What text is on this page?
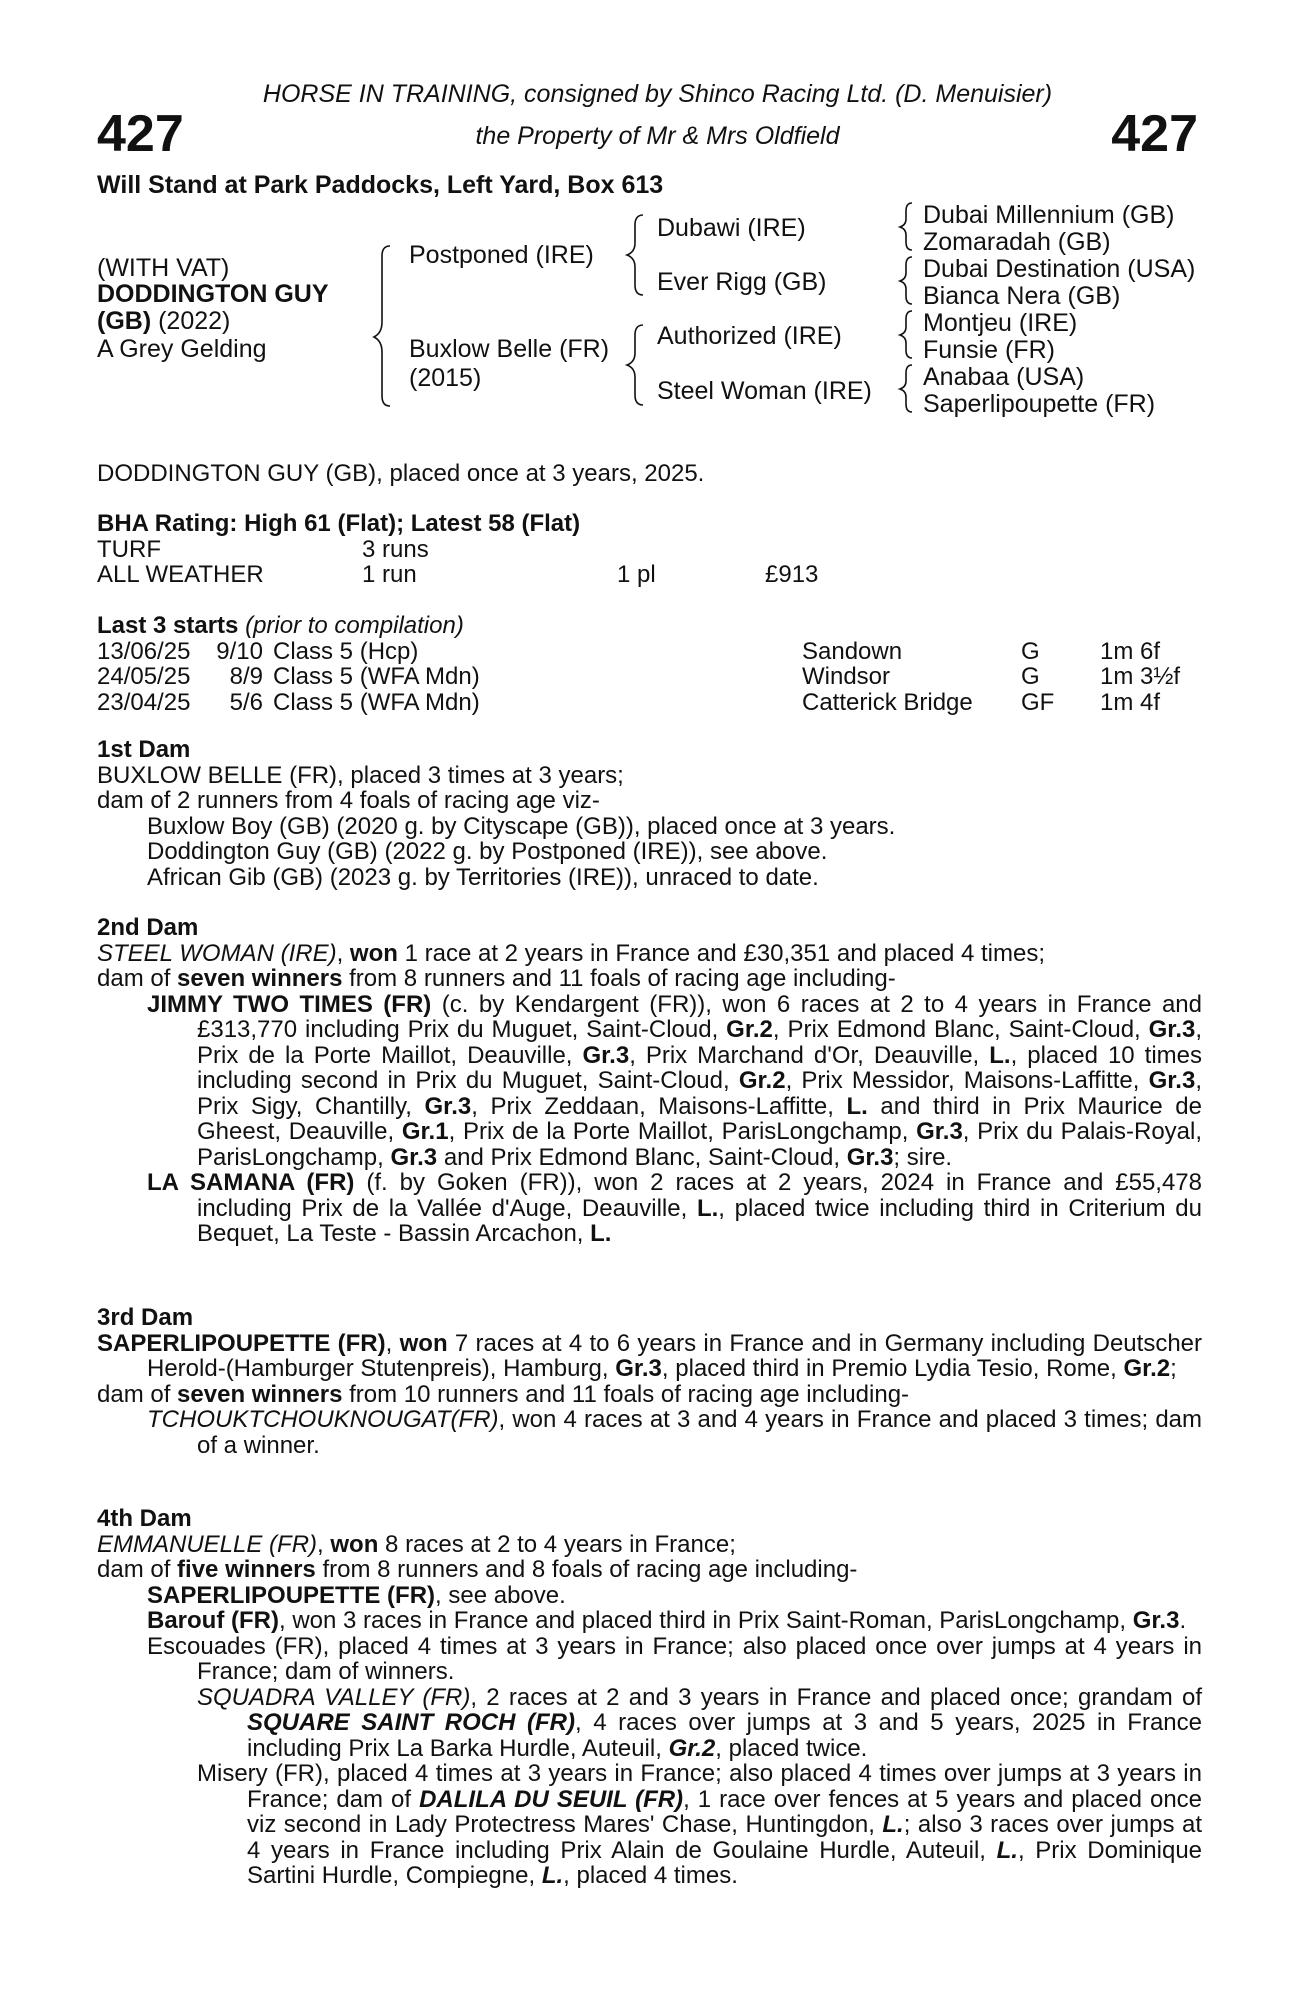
427	427
HORSE IN TRAINING, consigned by Shinco Racing Ltd. (D. Menuisier)
the Property of Mr & Mrs Oldfield
Will Stand at Park Paddocks, Left Yard, Box 613
(WITH VAT)
DODDINGTON GUY
(GB) (2022)
A Grey Gelding
Postponed (IRE)
Buxlow Belle (FR)
(2015)
Dubawi (IRE)
Ever Rigg (GB)
Authorized (IRE)
Steel Woman (IRE)
Dubai Millennium (GB)
Zomaradah (GB)
Dubai Destination (USA)
Bianca Nera (GB)
Montjeu (IRE)
Funsie (FR)
Anabaa (USA)
Saperlipoupette (FR)
DODDINGTON GUY (GB), placed once at 3 years, 2025.

BHA Rating: High 61 (Flat); Latest 58 (Flat)

TURF	3 runs		
ALL WEATHER	1 run	1 pl	£913

Last 3 starts (prior to compilation)

13/06/25	9/10	Class 5 (Hcp)	Sandown	G	1m 6f
24/05/25	8/9	Class 5 (WFA Mdn)	Windsor	G	1m 3½f
23/04/25	5/6	Class 5 (WFA Mdn)	Catterick Bridge	GF	1m 4f

1st Dam

BUXLOW BELLE (FR), placed 3 times at 3 years;

dam of 2 runners from 4 foals of racing age viz-

Buxlow Boy (GB) (2020 g. by Cityscape (GB)), placed once at 3 years.

Doddington Guy (GB) (2022 g. by Postponed (IRE)), see above.

African Gib (GB) (2023 g. by Territories (IRE)), unraced to date.

2nd Dam

STEEL WOMAN (IRE), won 1 race at 2 years in France and £30,351 and placed 4 times;

dam of seven winners from 8 runners and 11 foals of racing age including-

JIMMY TWO TIMES (FR) (c. by Kendargent (FR)), won 6 races at 2 to 4 years in France and £313,770 including Prix du Muguet, Saint-Cloud, Gr.2, Prix Edmond Blanc, Saint-Cloud, Gr.3, Prix de la Porte Maillot, Deauville, Gr.3, Prix Marchand d'Or, Deauville, L., placed 10 times including second in Prix du Muguet, Saint-Cloud, Gr.2, Prix Messidor, Maisons-Laffitte, Gr.3, Prix Sigy, Chantilly, Gr.3, Prix Zeddaan, Maisons-Laffitte, L. and third in Prix Maurice de Gheest, Deauville, Gr.1, Prix de la Porte Maillot, ParisLongchamp, Gr.3, Prix du Palais-Royal, ParisLongchamp, Gr.3 and Prix Edmond Blanc, Saint-Cloud, Gr.3; sire.

LA SAMANA (FR) (f. by Goken (FR)), won 2 races at 2 years, 2024 in France and £55,478 including Prix de la Vallée d'Auge, Deauville, L., placed twice including third in Criterium du Bequet, La Teste - Bassin Arcachon, L.

3rd Dam

SAPERLIPOUPETTE (FR), won 7 races at 4 to 6 years in France and in Germany including Deutscher Herold-(Hamburger Stutenpreis), Hamburg, Gr.3, placed third in Premio Lydia Tesio, Rome, Gr.2;

dam of seven winners from 10 runners and 11 foals of racing age including-

TCHOUKTCHOUKNOUGAT(FR), won 4 races at 3 and 4 years in France and placed 3 times; dam of a winner.

4th Dam

EMMANUELLE (FR), won 8 races at 2 to 4 years in France;

dam of five winners from 8 runners and 8 foals of racing age including-

SAPERLIPOUPETTE (FR), see above.

Barouf (FR), won 3 races in France and placed third in Prix Saint-Roman, ParisLongchamp, Gr.3.

Escouades (FR), placed 4 times at 3 years in France; also placed once over jumps at 4 years in France; dam of winners.

SQUADRA VALLEY (FR), 2 races at 2 and 3 years in France and placed once; grandam of SQUARE SAINT ROCH (FR), 4 races over jumps at 3 and 5 years, 2025 in France including Prix La Barka Hurdle, Auteuil, Gr.2, placed twice.

Misery (FR), placed 4 times at 3 years in France; also placed 4 times over jumps at 3 years in France; dam of DALILA DU SEUIL (FR), 1 race over fences at 5 years and placed once viz second in Lady Protectress Mares' Chase, Huntingdon, L.; also 3 races over jumps at 4 years in France including Prix Alain de Goulaine Hurdle, Auteuil, L., Prix Dominique Sartini Hurdle, Compiegne, L., placed 4 times.
